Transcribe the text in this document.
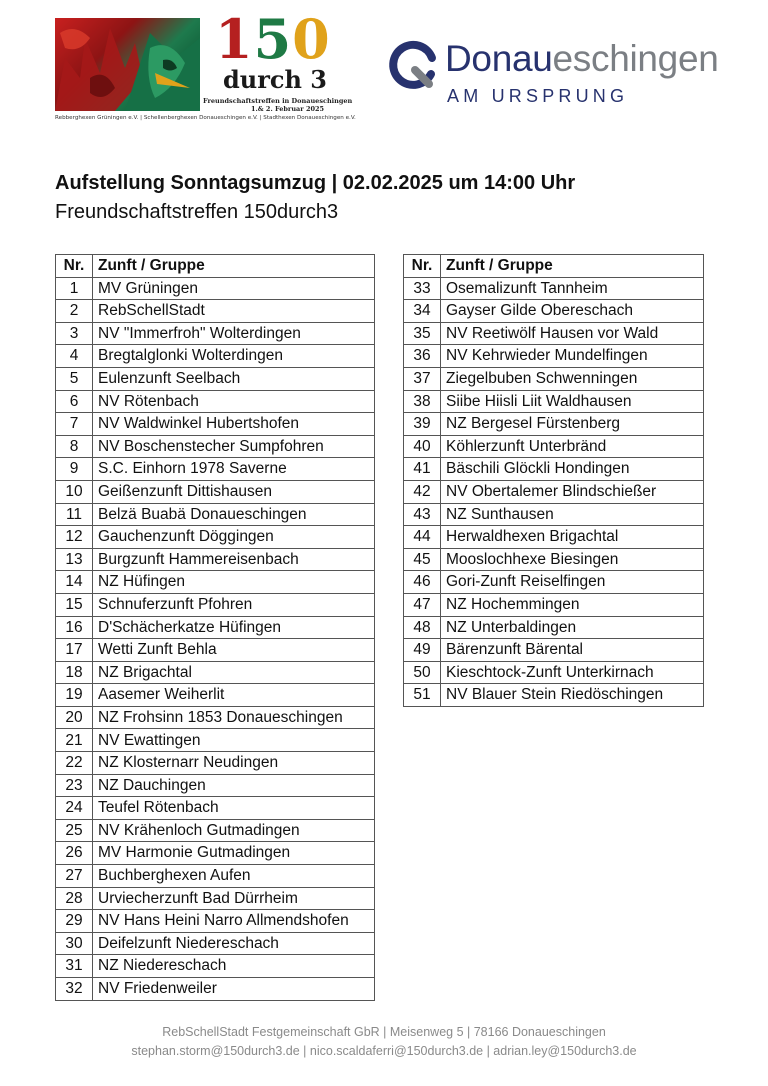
150
durch 3
Freundschaftstreffen in Donaueschingen
1.& 2. Februar 2025
Rebberghexen Grüningen e.V. | Schellenberghexen Donaueschingen e.V. | Stadthexen Donaueschingen e.V.
Donaueschingen
AM URSPRUNG
Aufstellung Sonntagsumzug | 02.02.2025 um 14:00 Uhr
Freundschaftstreffen 150durch3
Nr.	Zunft / Gruppe
1	MV Grüningen
2	RebSchellStadt
3	NV "Immerfroh" Wolterdingen
4	Bregtalglonki Wolterdingen
5	Eulenzunft Seelbach
6	NV Rötenbach
7	NV Waldwinkel Hubertshofen
8	NV Boschenstecher Sumpfohren
9	S.C. Einhorn 1978 Saverne
10	Geißenzunft Dittishausen
11	Belzä Buabä Donaueschingen
12	Gauchenzunft Döggingen
13	Burgzunft Hammereisenbach
14	NZ Hüfingen
15	Schnuferzunft Pfohren
16	D'Schächerkatze Hüfingen
17	Wetti Zunft Behla
18	NZ Brigachtal
19	Aasemer Weiherlit
20	NZ Frohsinn 1853 Donaueschingen
21	NV Ewattingen
22	NZ Klosternarr Neudingen
23	NZ Dauchingen
24	Teufel Rötenbach
25	NV Krähenloch Gutmadingen
26	MV Harmonie Gutmadingen
27	Buchberghexen Aufen
28	Urviecherzunft Bad Dürrheim
29	NV Hans Heini Narro Allmendshofen
30	Deifelzunft Niedereschach
31	NZ Niedereschach
32	NV Friedenweiler
Nr.	Zunft / Gruppe
33	Osemalizunft Tannheim
34	Gayser Gilde Obereschach
35	NV Reetiwölf Hausen vor Wald
36	NV Kehrwieder Mundelfingen
37	Ziegelbuben Schwenningen
38	Siibe Hiisli Liit Waldhausen
39	NZ Bergesel Fürstenberg
40	Köhlerzunft Unterbränd
41	Bäschili Glöckli Hondingen
42	NV Obertalemer Blindschießer
43	NZ Sunthausen
44	Herwaldhexen Brigachtal
45	Mooslochhexe Biesingen
46	Gori-Zunft Reiselfingen
47	NZ Hochemmingen
48	NZ Unterbaldingen
49	Bärenzunft Bärental
50	Kieschtock-Zunft Unterkirnach
51	NV Blauer Stein Riedöschingen
RebSchellStadt Festgemeinschaft GbR | Meisenweg 5 | 78166 Donaueschingen
stephan.storm@150durch3.de | nico.scaldaferri@150durch3.de | adrian.ley@150durch3.de
